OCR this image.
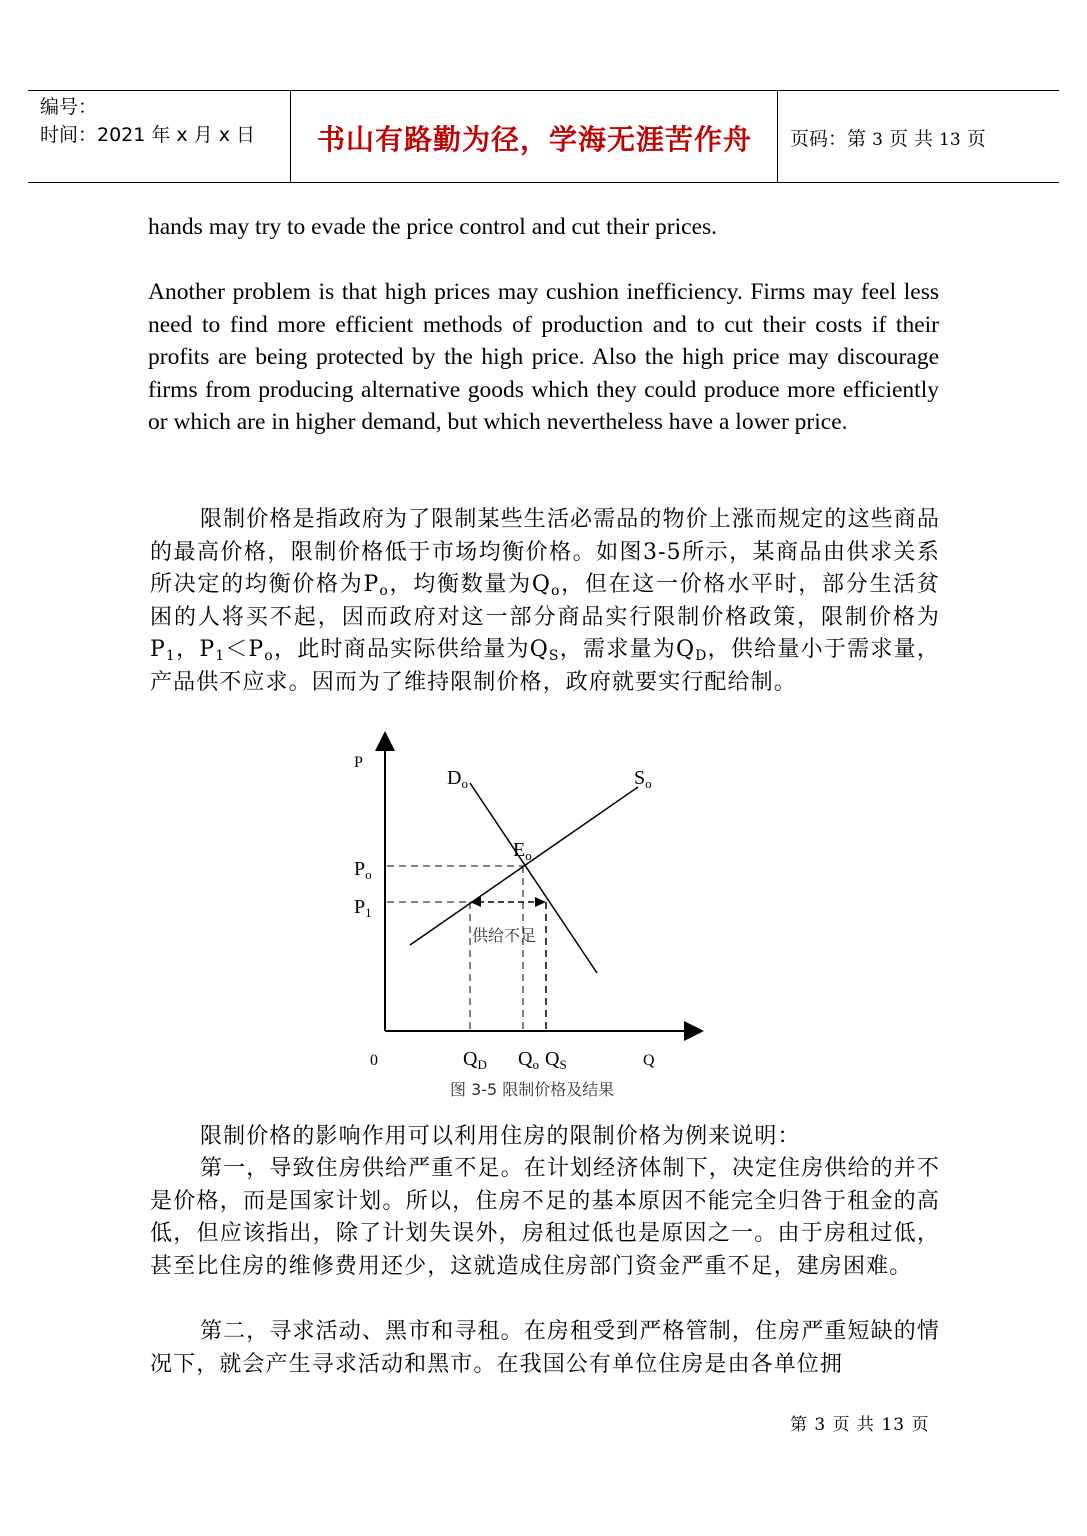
编号：
时间：2021 年 x 月 x 日	书山有路勤为径，学海无涯苦作舟	页码：第 3 页 共 13 页

hands may try to evade the price control and cut their prices.

Another problem is that high prices may cushion inefficiency. Firms may feel less need to find more efficient methods of production and to cut their costs if their profits are being protected by the high price. Also the high price may discourage firms from producing alternative goods which they could produce more efficiently or which are in higher demand, but which nevertheless have a lower price.

限制价格是指政府为了限制某些生活必需品的物价上涨而规定的这些商品的最高价格，限制价格低于市场均衡价格。如图3-5所示，某商品由供求关系所决定的均衡价格为$P_o$，均衡数量为$Q_o$，但在这一价格水平时，部分生活贫困的人将买不起，因而政府对这一部分商品实行限制价格政策，限制价格为$P_1$，$P_1<P_o$，此时商品实际供给量为$Q_S$，需求量为$Q_D$，供给量小于需求量，产品供不应求。因而为了维持限制价格，政府就要实行配给制。

P
Q
0
$D_o$	$S_o$
$E_o$
$P_o$
$P_1$
$Q_D$ $Q_o$ $Q_S$
供给不足
图 3-5 限制价格及结果

限制价格的影响作用可以利用住房的限制价格为例来说明：

第一，导致住房供给严重不足。在计划经济体制下，决定住房供给的并不是价格，而是国家计划。所以，住房不足的基本原因不能完全归咎于租金的高低，但应该指出，除了计划失误外，房租过低也是原因之一。由于房租过低，甚至比住房的维修费用还少，这就造成住房部门资金严重不足，建房困难。

第二，寻求活动、黑市和寻租。在房租受到严格管制，住房严重短缺的情况下，就会产生寻求活动和黑市。在我国公有单位住房是由各单位拥

第 3 页 共 13 页
